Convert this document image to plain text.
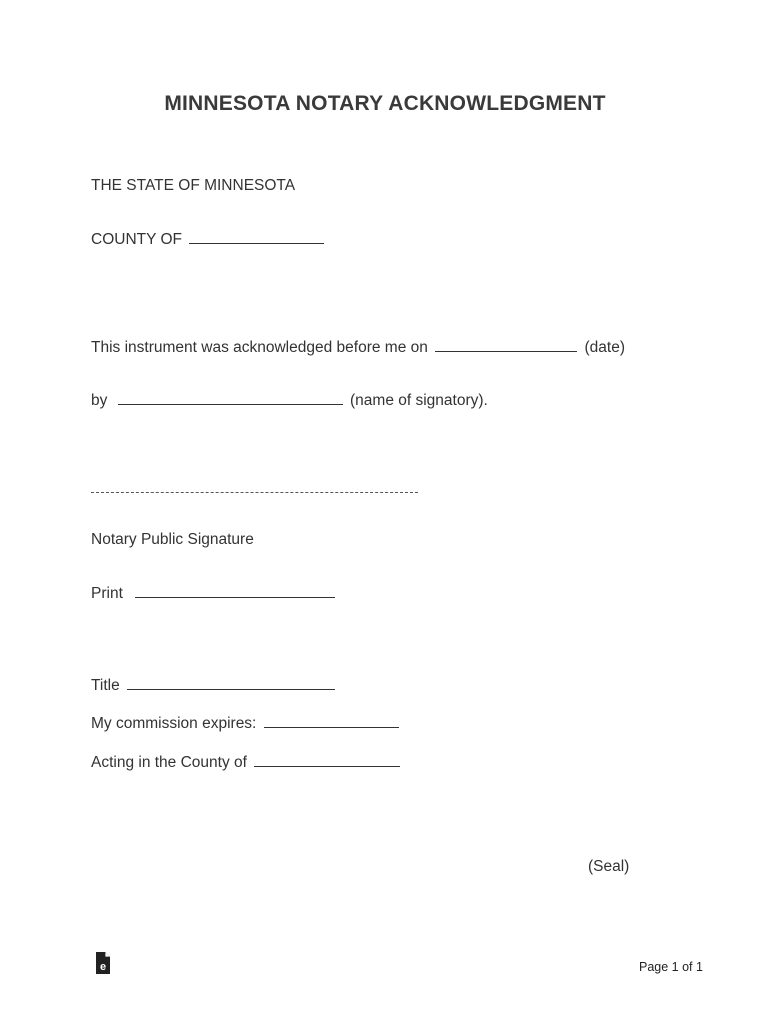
MINNESOTA NOTARY ACKNOWLEDGMENT
THE STATE OF MINNESOTA
COUNTY OF
This instrument was acknowledged before me on	(date)
by	(name of signatory).
Notary Public Signature
Print
Title
My commission expires:
Acting in the County of
(Seal)
e	Page 1 of 1
